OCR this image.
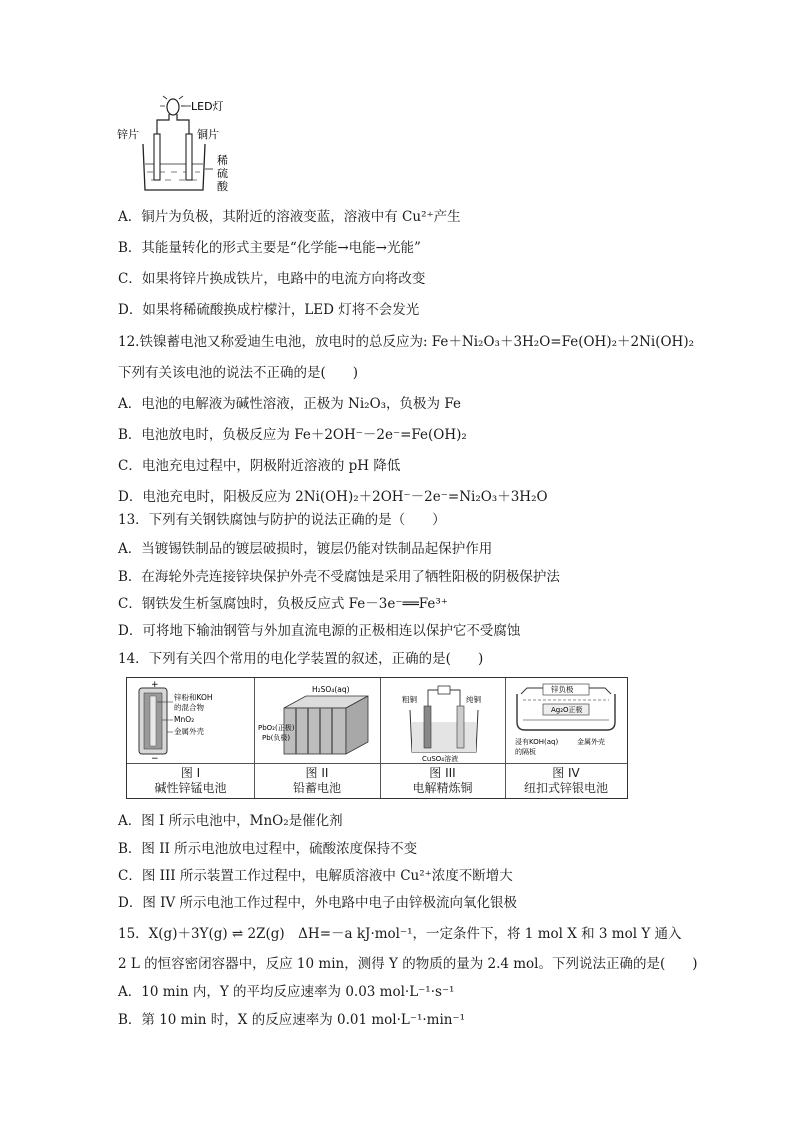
LED灯
锌片	铜片
稀
硫
酸
A．铜片为负极，其附近的溶液变蓝，溶液中有 Cu²⁺产生
B．其能量转化的形式主要是“化学能→电能→光能”
C．如果将锌片换成铁片，电路中的电流方向将改变
D．如果将稀硫酸换成柠檬汁，LED 灯将不会发光
12.铁镍蓄电池又称爱迪生电池，放电时的总反应为: Fe＋Ni₂O₃＋3H₂O=Fe(OH)₂＋2Ni(OH)₂
下列有关该电池的说法不正确的是(　　)
A．电池的电解液为碱性溶液，正极为 Ni₂O₃，负极为 Fe
B．电池放电时，负极反应为 Fe＋2OH⁻－2e⁻=Fe(OH)₂
C．电池充电过程中，阴极附近溶液的 pH 降低
D．电池充电时，阳极反应为 2Ni(OH)₂＋2OH⁻－2e⁻=Ni₂O₃＋3H₂O
13．下列有关钢铁腐蚀与防护的说法正确的是（　　）
A．当镀锡铁制品的镀层破损时，镀层仍能对铁制品起保护作用
B．在海轮外壳连接锌块保护外壳不受腐蚀是采用了牺牲阳极的阴极保护法
C．钢铁发生析氢腐蚀时，负极反应式 Fe－3e⁻══Fe³⁺
D．可将地下输油钢管与外加直流电源的正极相连以保护它不受腐蚀
14．下列有关四个常用的电化学装置的叙述，正确的是(　　)
+
−
锌粉和KOH
的混合物
MnO₂
金属外壳
H₂SO₄(aq)
PbO₂(正极)
Pb(负极)
粗铜	纯铜
CuSO₄溶液
锌负极
Ag₂O正极
浸有KOH(aq)
的隔板
金属外壳
图 I
碱性锌锰电池
图 II
铅蓄电池
图 III
电解精炼铜
图 IV
纽扣式锌银电池
A．图 I 所示电池中，MnO₂是催化剂
B．图 II 所示电池放电过程中，硫酸浓度保持不变
C．图 III 所示装置工作过程中，电解质溶液中 Cu²⁺浓度不断增大
D．图 IV 所示电池工作过程中，外电路中电子由锌极流向氧化银极
15．X(g)＋3Y(g) ⇌ 2Z(g)　ΔH=－a kJ·mol⁻¹，一定条件下，将 1 mol X 和 3 mol Y 通入
2 L 的恒容密闭容器中，反应 10 min，测得 Y 的物质的量为 2.4 mol。下列说法正确的是(　　)
A．10 min 内，Y 的平均反应速率为 0.03 mol·L⁻¹·s⁻¹
B．第 10 min 时，X 的反应速率为 0.01 mol·L⁻¹·min⁻¹
